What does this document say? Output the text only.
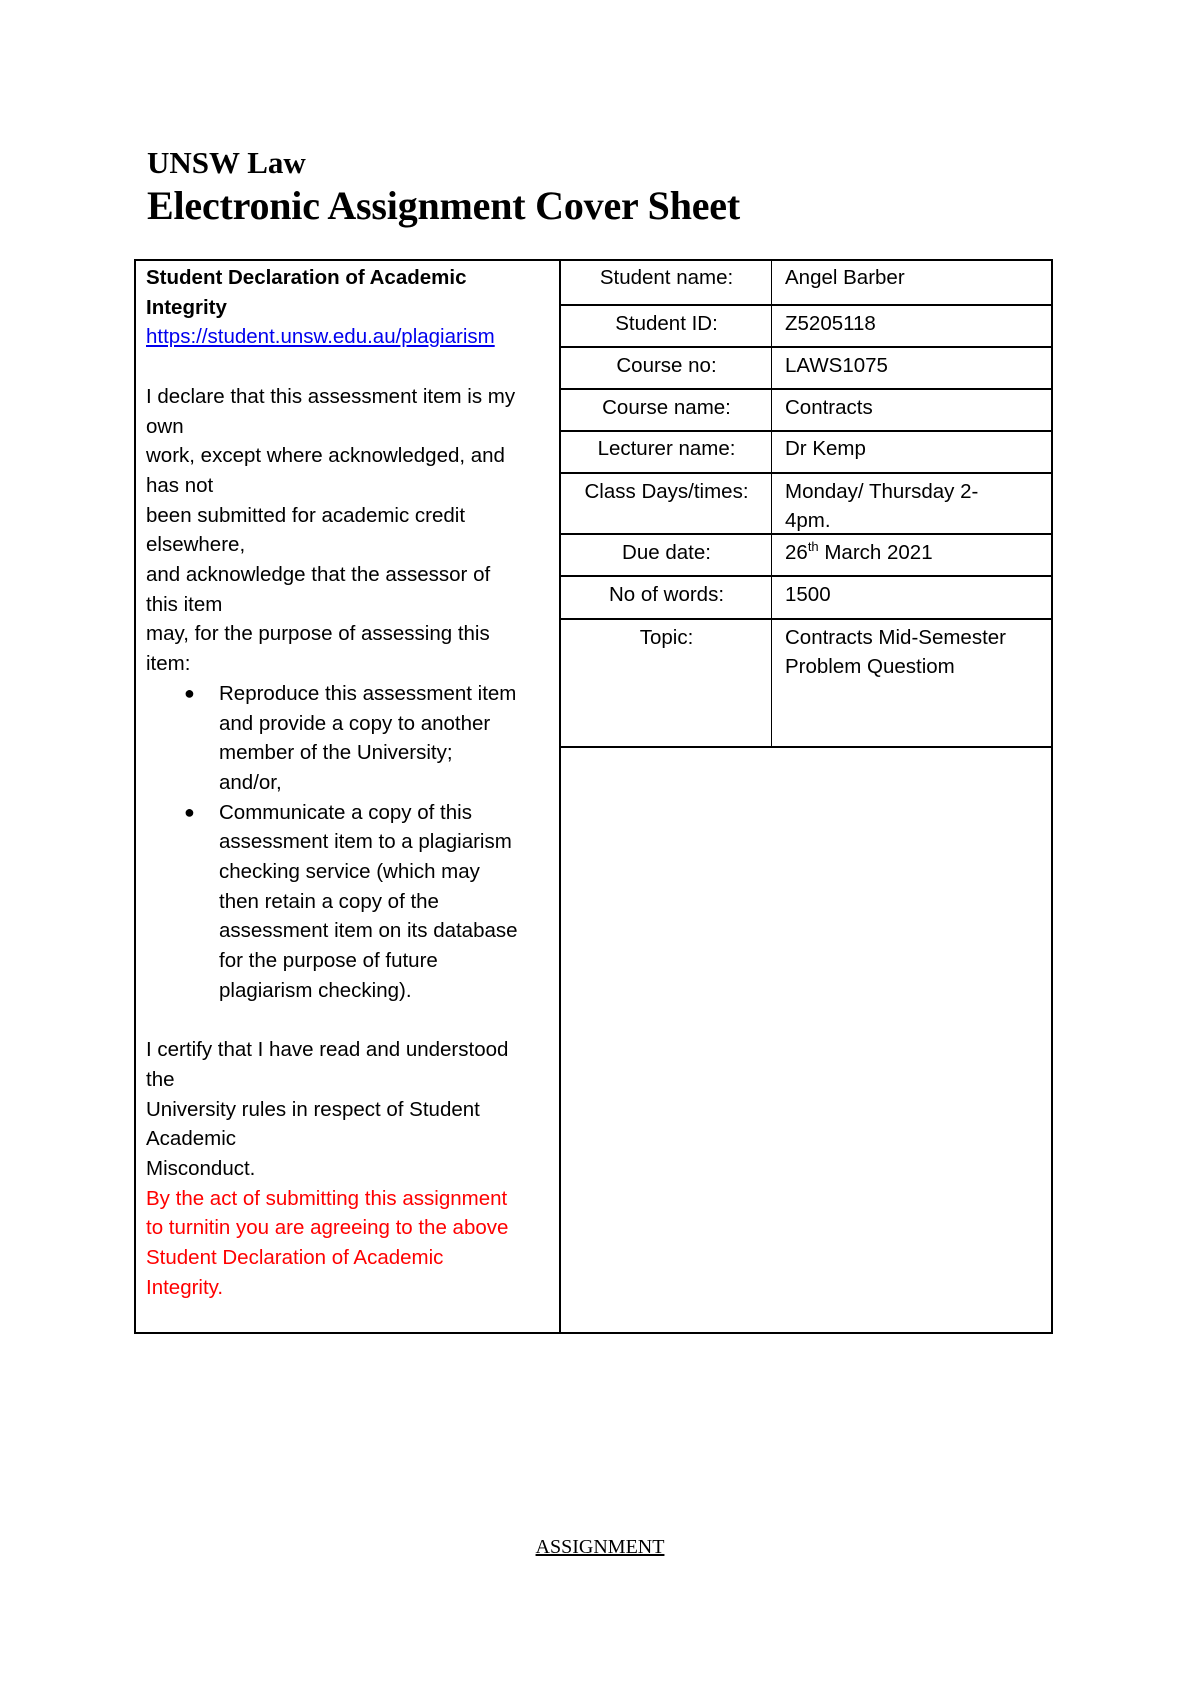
UNSW Law
Electronic Assignment Cover Sheet

Student Declaration of Academic
Integrity

https://student.unsw.edu.au/plagiarism

I declare that this assessment item is my
own
work, except where acknowledged, and
has not
been submitted for academic credit
elsewhere,
and acknowledge that the assessor of
this item
may, for the purpose of assessing this
item:

● Reproduce this assessment item
and provide a copy to another
member of the University;
and/or,
● Communicate a copy of this
assessment item to a plagiarism
checking service (which may
then retain a copy of the
assessment item on its database
for the purpose of future
plagiarism checking).

I certify that I have read and understood
the
University rules in respect of Student
Academic
Misconduct.

By the act of submitting this assignment
to turnitin you are agreeing to the above
Student Declaration of Academic
Integrity.

Student name:	Angel Barber
Student ID:	Z5205118
Course no:	LAWS1075
Course name:	Contracts
Lecturer name:	Dr Kemp
Class Days/times:	Monday/ Thursday 2-
4pm.
Due date:	26th March 2021
No of words:	1500
Topic:	Contracts Mid-Semester
Problem Questiom

ASSIGNMENT
